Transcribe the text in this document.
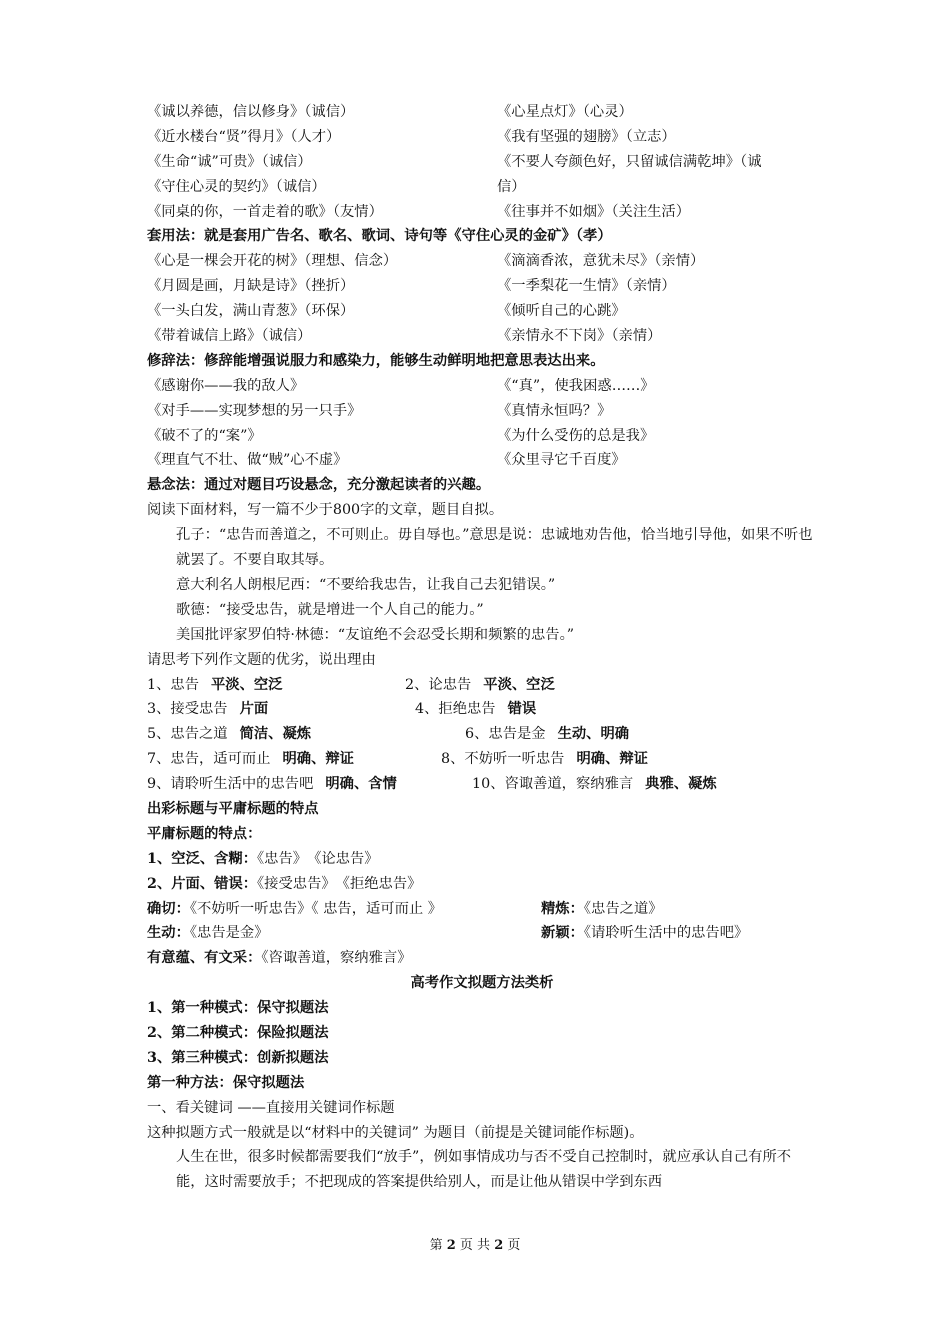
《诚以养德，信以修身》（诚信）	《心星点灯》（心灵）
《近水楼台“贤”得月》（人才）	《我有坚强的翅膀》（立志）
《生命“诚”可贵》（诚信）	《不要人夸颜色好，只留诚信满乾坤》（诚
《守住心灵的契约》（诚信）	信）
《同桌的你，一首走着的歌》（友情）	《往事并不如烟》（关注生活）
套用法：就是套用广告名、歌名、歌词、诗句等《守住心灵的金矿》（孝）
《心是一棵会开花的树》（理想、信念）	《滴滴香浓，意犹未尽》（亲情）
《月圆是画，月缺是诗》（挫折）	《一季梨花一生情》（亲情）
《一头白发，满山青葱》（环保）	《倾听自己的心跳》
《带着诚信上路》（诚信）	《亲情永不下岗》（亲情）
修辞法：修辞能增强说服力和感染力，能够生动鲜明地把意思表达出来。
《感谢你——我的敌人》	《“真”，使我困惑……》
《对手——实现梦想的另一只手》	《真情永恒吗？》
《破不了的“案”》	《为什么受伤的总是我》
《理直气不壮、做“贼”心不虚》	《众里寻它千百度》
悬念法：通过对题目巧设悬念，充分激起读者的兴趣。
阅读下面材料，写一篇不少于800字的文章，题目自拟。
孔子：“忠告而善道之，不可则止。毋自辱也。”意思是说：忠诚地劝告他，恰当地引导他，如果不听也就罢了。不要自取其辱。
意大利名人朗根尼西：“不要给我忠告，让我自己去犯错误。”
歌德：“接受忠告，就是增进一个人自己的能力。”
美国批评家罗伯特·林德：“友谊绝不会忍受长期和频繁的忠告。”
请思考下列作文题的优劣，说出理由
1、忠告 平淡、空泛	2、论忠告 平淡、空泛
3、接受忠告 片面	4、拒绝忠告 错误
5、忠告之道 简洁、凝炼	6、忠告是金 生动、明确
7、忠告，适可而止 明确、辩证	8、不妨听一听忠告 明确、辩证
9、请聆听生活中的忠告吧 明确、含情	10、咨诹善道，察纳雅言 典雅、凝炼
出彩标题与平庸标题的特点
平庸标题的特点：
1、空泛、含糊：《忠告》　《论忠告》
2、片面、错误：《接受忠告》　《拒绝忠告》
确切：《不妨听一听忠告》《 忠告，适可而止 》	精炼：《忠告之道》
生动：《忠告是金》	新颖：《请聆听生活中的忠告吧》
有意蕴、有文采：《咨诹善道，察纳雅言》
高考作文拟题方法类析
1、第一种模式：保守拟题法
2、第二种模式：保险拟题法
3、第三种模式：创新拟题法
第一种方法：保守拟题法
一、看关键词 ——直接用关键词作标题
这种拟题方式一般就是以“材料中的关键词” 为题目（前提是关键词能作标题)。
人生在世，很多时候都需要我们“放手”，例如事情成功与否不受自己控制时，就应承认自己有所不能，这时需要放手；不把现成的答案提供给别人，而是让他从错误中学到东西
第 2 页 共 2 页
